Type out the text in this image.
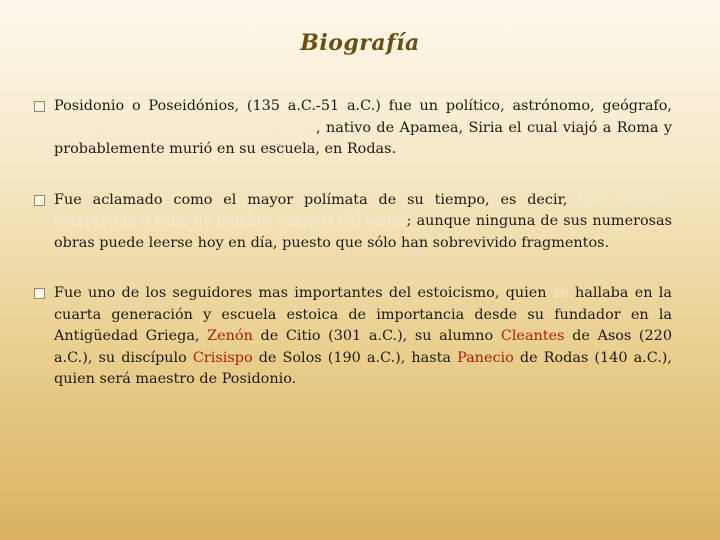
Biografía
Posidonio o Poseidónios, (135 a.C.-51 a.C.) fue un político, astrónomo, geógrafo, historiador y filósofo estoico griego, nativo de Apamea, Siria el cual viajó a Roma y probablemente murió en su escuela, en Rodas.
Fue aclamado como el mayor polímata de su tiempo, es decir, que conoce, comprende o sabe de muchos campos del saber; aunque ninguna de sus numerosas obras puede leerse hoy en día, puesto que sólo han sobrevivido fragmentos.
Fue uno de los seguidores mas importantes del estoicismo, quien se hallaba en la cuarta generación y escuela estoica de importancia desde su fundador en la Antigüedad Griega, Zenón de Citio (301 a.C.), su alumno Cleantes de Asos (220 a.C.), su discípulo Crisispo de Solos (190 a.C.), hasta Panecio de Rodas (140 a.C.), quien será maestro de Posidonio.
